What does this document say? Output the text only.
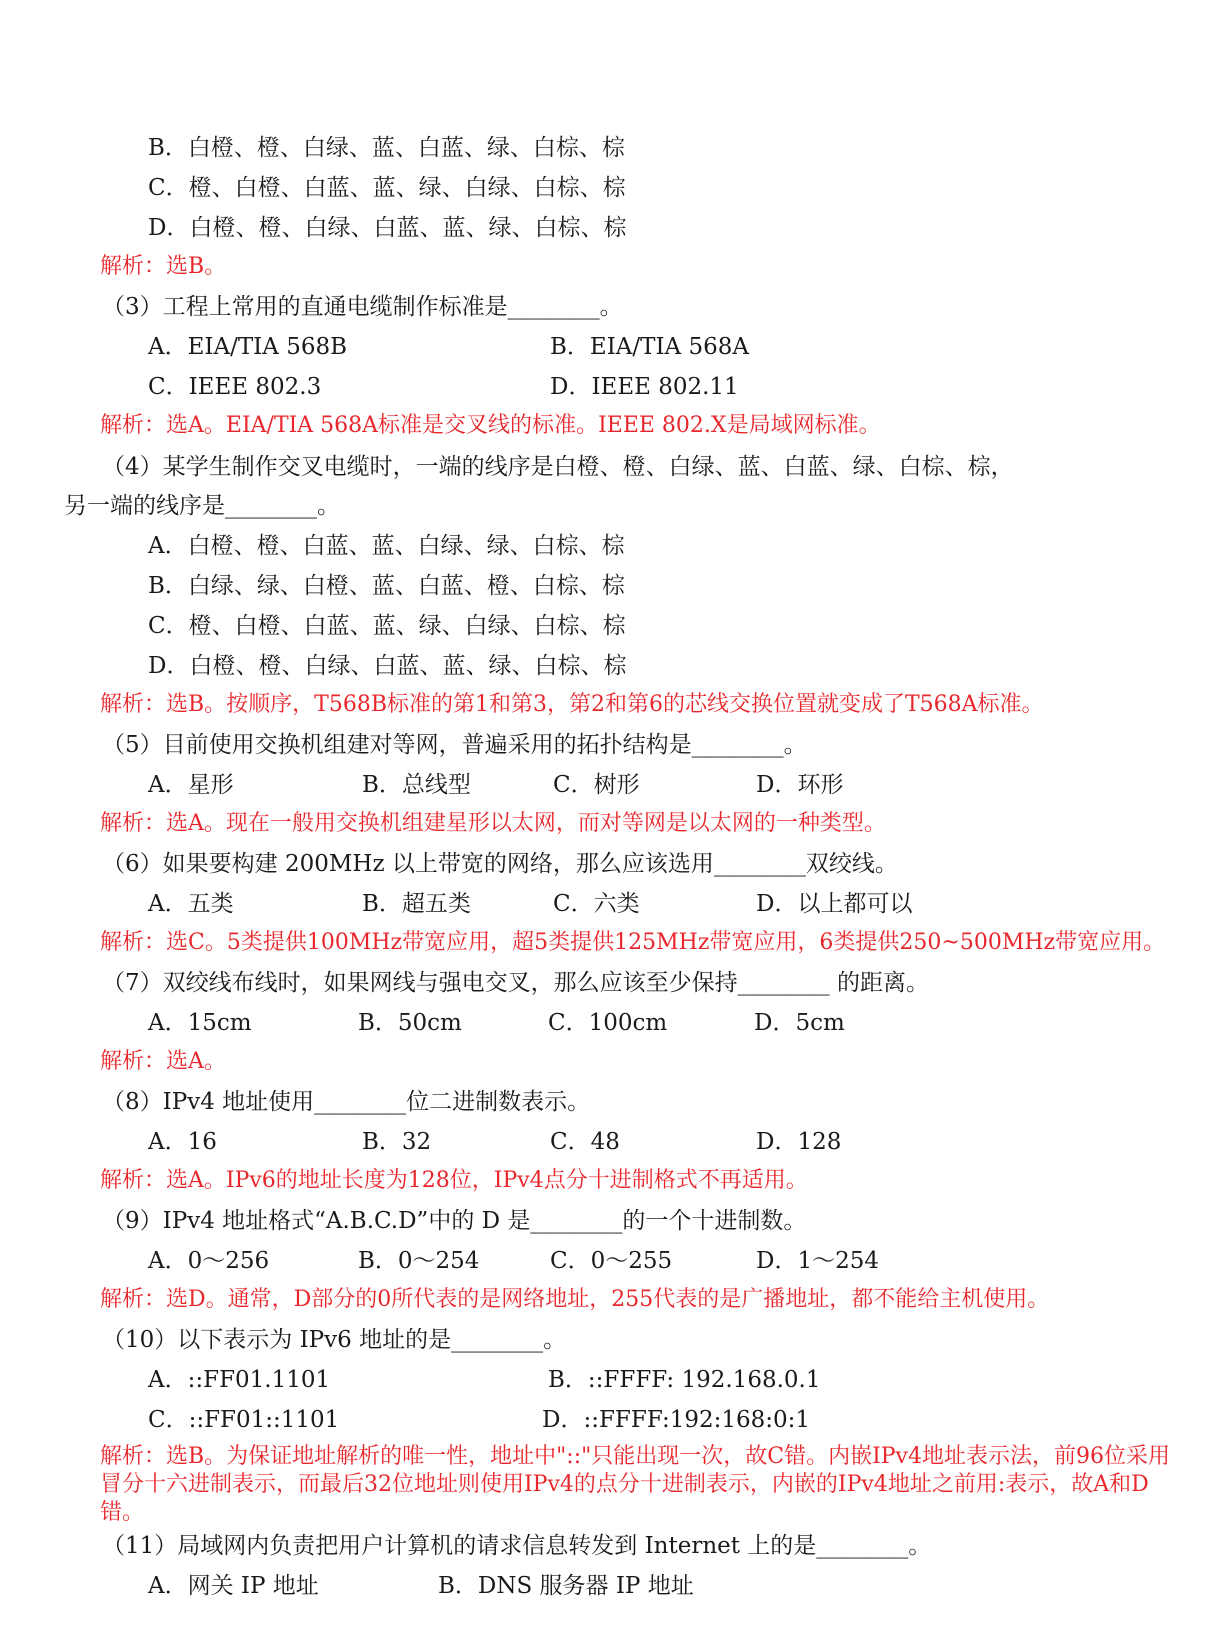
B．白橙、橙、白绿、蓝、白蓝、绿、白棕、棕
C．橙、白橙、白蓝、蓝、绿、白绿、白棕、棕
D．白橙、橙、白绿、白蓝、蓝、绿、白棕、棕
解析：选B。
（3）工程上常用的直通电缆制作标准是________。
A．EIA/TIA 568B	B．EIA/TIA 568A
C．IEEE 802.3	D．IEEE 802.11
解析：选A。EIA/TIA 568A标准是交叉线的标准。IEEE 802.X是局域网标准。
（4）某学生制作交叉电缆时，一端的线序是白橙、橙、白绿、蓝、白蓝、绿、白棕、棕，
另一端的线序是________。
A．白橙、橙、白蓝、蓝、白绿、绿、白棕、棕
B．白绿、绿、白橙、蓝、白蓝、橙、白棕、棕
C．橙、白橙、白蓝、蓝、绿、白绿、白棕、棕
D．白橙、橙、白绿、白蓝、蓝、绿、白棕、棕
解析：选B。按顺序，T568B标准的第1和第3，第2和第6的芯线交换位置就变成了T568A标准。
（5）目前使用交换机组建对等网，普遍采用的拓扑结构是________。
A．星形	B．总线型	C．树形	D．环形
解析：选A。现在一般用交换机组建星形以太网，而对等网是以太网的一种类型。
（6）如果要构建 200MHz 以上带宽的网络，那么应该选用________双绞线。
A．五类	B．超五类	C．六类	D．以上都可以
解析：选C。5类提供100MHz带宽应用，超5类提供125MHz带宽应用，6类提供250~500MHz带宽应用。
（7）双绞线布线时，如果网线与强电交叉，那么应该至少保持________ 的距离。
A．15cm	B．50cm	C．100cm	D．5cm
解析：选A。
（8）IPv4 地址使用________位二进制数表示。
A．16	B．32	C．48	D．128
解析：选A。IPv6的地址长度为128位，IPv4点分十进制格式不再适用。
（9）IPv4 地址格式“A.B.C.D”中的 D 是________的一个十进制数。
A．0～256	B．0～254	C．0～255	D．1～254
解析：选D。通常，D部分的0所代表的是网络地址，255代表的是广播地址，都不能给主机使用。
（10）以下表示为 IPv6 地址的是________。
A．::FF01.1101	B．::FFFF: 192.168.0.1
C．::FF01::1101	D．::FFFF:192:168:0:1
解析：选B。为保证地址解析的唯一性，地址中"::"只能出现一次，故C错。内嵌IPv4地址表示法，前96位采用冒分十六进制表示，而最后32位地址则使用IPv4的点分十进制表示，内嵌的IPv4地址之前用:表示，故A和D错。
（11）局域网内负责把用户计算机的请求信息转发到 Internet 上的是________。
A．网关 IP 地址	B．DNS 服务器 IP 地址
